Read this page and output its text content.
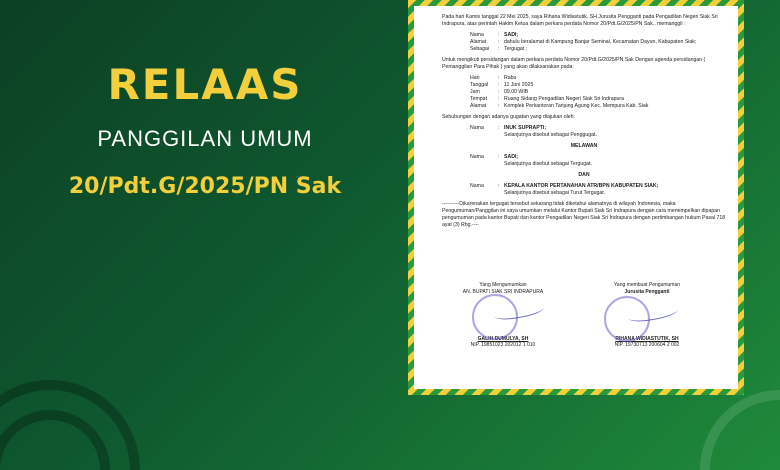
RELAAS
PANGGILAN UMUM
20/Pdt.G/2025/PN Sak
Pada hari Kamis tanggal 22 Mei 2025, saya Rihana Widiastutik, SH Jurusita Pengganti pada Pengadilan Negeri Siak Sri Indrapura, atas perintah Hakim Ketua dalam perkara perdata Nomor 20/Pdt.G/2025/PN Sak., memanggil :
Nama	: SADI;
Alamat	: dahulu beralamat di Kampung Banjar Seminai, Kecamatan Dayun, Kabupaten Siak;
Sebagai	: Tergugat ;
Untuk mengikuti persidangan dalam perkara perdata Nomor 20/Pdt.G/2025/PN Sak Dengan agenda persidangan ( Pemanggilan Para Pihak ) yang akan dilaksanakan pada:
Hari	: Rabu
Tanggal	: 11 Juni 2025
Jam	: 09.00 WIB
Tempat	: Ruang Sidang Pengadilan Negeri Siak Sri Indrapura
Alamat	: Komplek Perkantoran Tanjung Agung Kec. Mempura Kab. Siak
Sehubungan dengan adanya gugatan yang diajukan oleh:
Nama	: INUK SUPRAPTI;
Selanjutnya disebut sebagai Penggugat.
MELAWAN
Nama	: SADI;
Selanjutnya disebut sebagai Tergugat.
DAN
Nama	: KEPALA KANTOR PERTANAHAN ATR/BPN KABUPATEN SIAK;
Selanjutnya disebut sebagai Turut Tergugat.
----------Dikarenakan tergugat tersebut sekarang tidak diketahui alamatnya di wilayah Indonesia, maka Pengumuman/Panggilan ini saya umumkan melalui Kantor Bupati Siak Sri Indrapura dengan cara menempelkan dipapan pengumuman pada kantor Bupati dan kantor Pengadilan Negeri Siak Sri Indrapura dengan pertimbangan hukum Pasal 718 ayat (3) Rbg.----
Yang Mengumumkan
AN. BUPATI SIAK SRI INDRAPURA
GALIH DUMULYA, SH
NIP. 19851023 202012 1 010
Yang membuat Pengumuman
Jurusita Pengganti
RIHANA WIDIASTUTIK, SH
NIP. 19730713 200604 2 002
